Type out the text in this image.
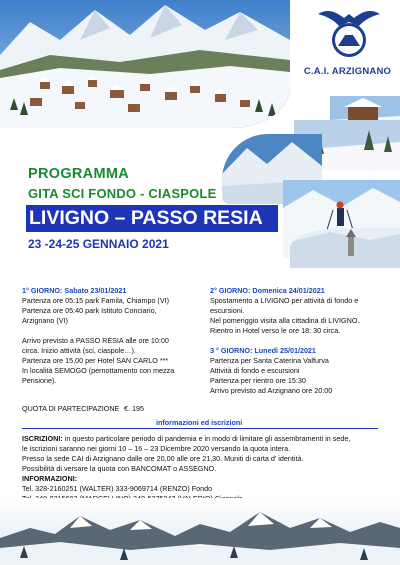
C.A.I. ARZIGNANO
PROGRAMMA
GITA SCI FONDO - CIASPOLE
LIVIGNO – PASSO RESIA
23 -24-25 GENNAIO 2021
1° GIORNO: Sabato 23/01/2021
Partenza ore 05:15 park Famila, Chiampo (VI)
Partenza ore 05:40 park Istituto Conciario,
Arzignano (VI)
Arrivo previsto a PASSO RESIA alle ore 10:00
circa. Inizio attività (sci, ciaspole…).
Partenza ore 15,00 per Hotel SAN CARLO ***
In località SEMOGO (pernottamento con mezza
Pensione).
2° GIORNO: Domenica 24/01/2021
Spostamento a LIVIGNO per attività di fondo e
escursioni.
Nel pomeriggio visita alla cittadina di LIVIGNO.
Rientro in Hotel verso le ore 18: 30 circa.
3 ° GIORNO: Lunedì 25/01/2021
Partenza per Santa Caterina Valfurva
Attività di fondo e escursioni
Partenza per rientro ore 15:30
Arrivo previsto ad Arzignano ore 20:00
QUOTA DI PARTECIPAZIONE €. 195
informazioni ed iscrizioni
ISCRIZIONI: in questo particolare periodo di pandemia e in modo di limitare gli assembramenti in sede,
le iscrizioni saranno nei giorni 10 – 16 – 23 Dicembre 2020 versando la quota intera.
Presso la sede CAI di Arzignano dalle ore 20,00 alle ore 21,30. Muniti di carta d' identità.
Possibilità di versare la quota con BANCOMAT o ASSEGNO.
INFORMAZIONI:
Tel. 328-2160251 (WALTER) 333-9069714 (RENZO) Fondo
